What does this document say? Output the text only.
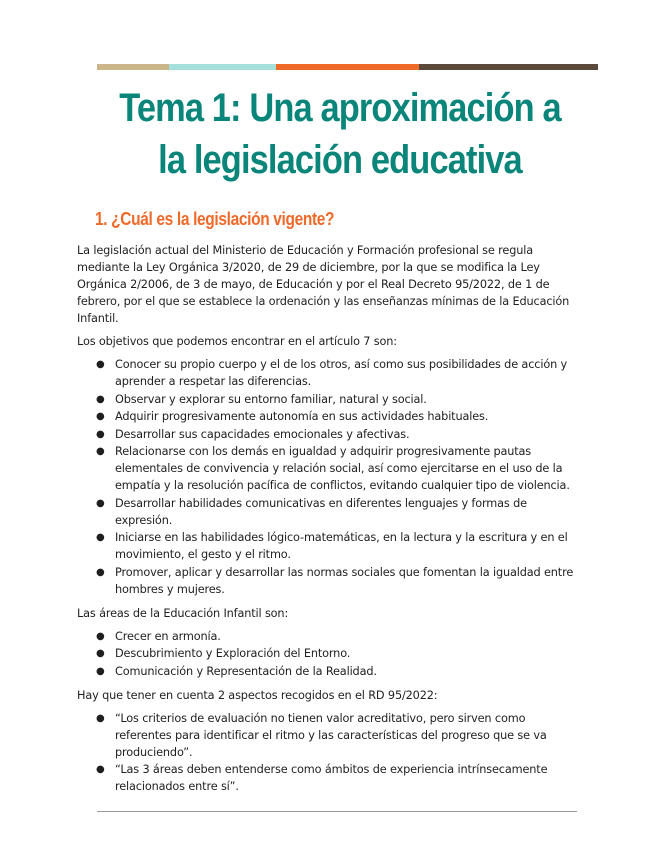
Tema 1: Una aproximación a
la legislación educativa
1. ¿Cuál es la legislación vigente?

La legislación actual del Ministerio de Educación y Formación profesional se regula mediante la Ley Orgánica 3/2020, de 29 de diciembre, por la que se modifica la Ley Orgánica 2/2006, de 3 de mayo, de Educación y por el Real Decreto 95/2022, de 1 de febrero, por el que se establece la ordenación y las enseñanzas mínimas de la Educación Infantil.

Los objetivos que podemos encontrar en el artículo 7 son:

● Conocer su propio cuerpo y el de los otros, así como sus posibilidades de acción y aprender a respetar las diferencias.
● Observar y explorar su entorno familiar, natural y social.
● Adquirir progresivamente autonomía en sus actividades habituales.
● Desarrollar sus capacidades emocionales y afectivas.
● Relacionarse con los demás en igualdad y adquirir progresivamente pautas elementales de convivencia y relación social, así como ejercitarse en el uso de la empatía y la resolución pacífica de conflictos, evitando cualquier tipo de violencia.
● Desarrollar habilidades comunicativas en diferentes lenguajes y formas de expresión.
● Iniciarse en las habilidades lógico-matemáticas, en la lectura y la escritura y en el movimiento, el gesto y el ritmo.
● Promover, aplicar y desarrollar las normas sociales que fomentan la igualdad entre hombres y mujeres.

Las áreas de la Educación Infantil son:

● Crecer en armonía.
● Descubrimiento y Exploración del Entorno.
● Comunicación y Representación de la Realidad.

Hay que tener en cuenta 2 aspectos recogidos en el RD 95/2022:

● “Los criterios de evaluación no tienen valor acreditativo, pero sirven como referentes para identificar el ritmo y las características del progreso que se va produciendo”.
● “Las 3 áreas deben entenderse como ámbitos de experiencia intrínsecamente relacionados entre sí”.
